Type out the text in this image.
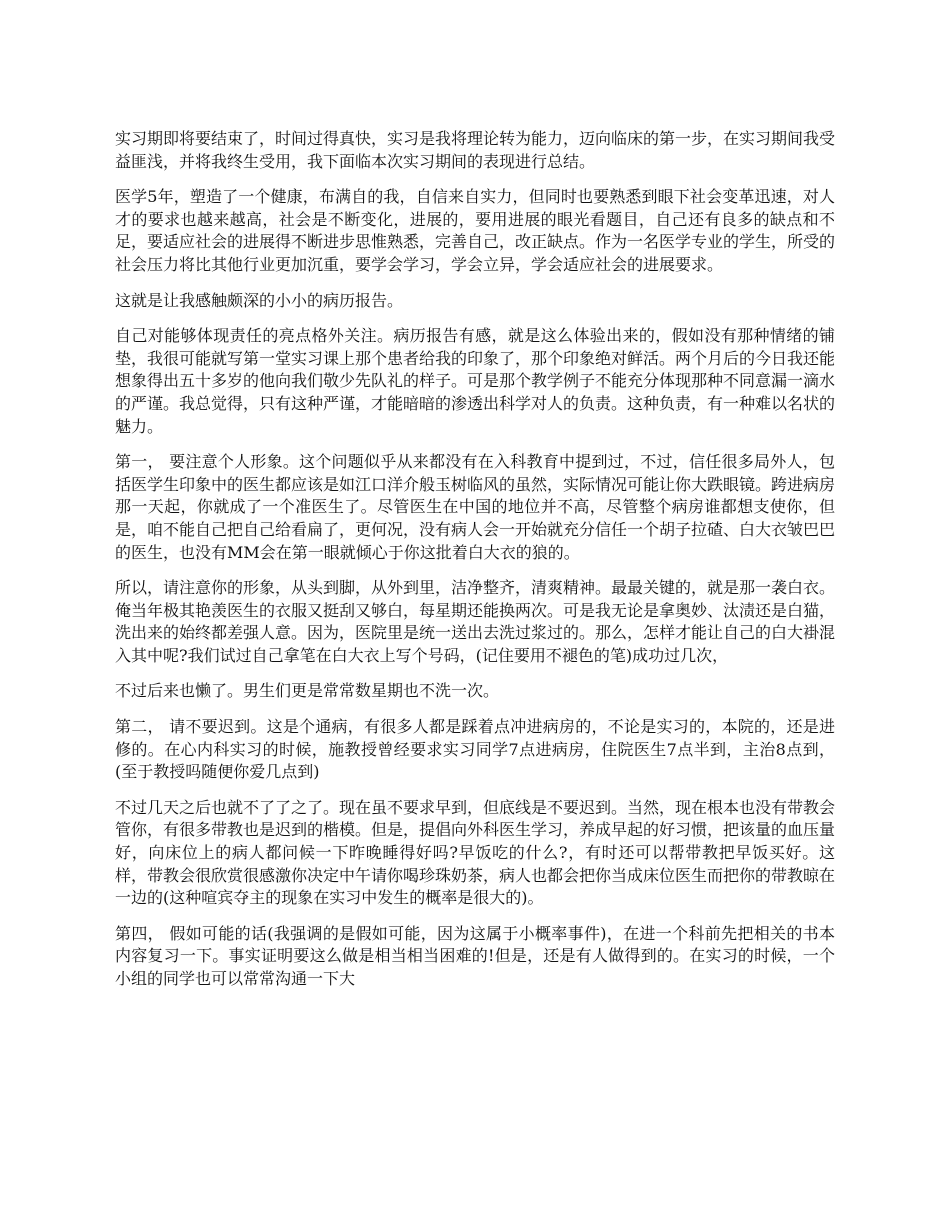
实习期即将要结束了，时间过得真快，实习是我将理论转为能力，迈向临床的第一步，在实习期间我受益匪浅，并将我终生受用，我下面临本次实习期间的表现进行总结。

医学5年，塑造了一个健康，布满自的我，自信来自实力，但同时也要熟悉到眼下社会变革迅速，对人才的要求也越来越高，社会是不断变化，进展的，要用进展的眼光看题目，自己还有良多的缺点和不足，要适应社会的进展得不断进步思惟熟悉，完善自己，改正缺点。作为一名医学专业的学生，所受的社会压力将比其他行业更加沉重，要学会学习，学会立异，学会适应社会的进展要求。

这就是让我感触颇深的小小的病历报告。

自己对能够体现责任的亮点格外关注。病历报告有感，就是这么体验出来的，假如没有那种情绪的铺垫，我很可能就写第一堂实习课上那个患者给我的印象了，那个印象绝对鲜活。两个月后的今日我还能想象得出五十多岁的他向我们敬少先队礼的样子。可是那个教学例子不能充分体现那种不同意漏一滴水的严谨。我总觉得，只有这种严谨，才能暗暗的渗透出科学对人的负责。这种负责，有一种难以名状的魅力。

第一， 要注意个人形象。这个问题似乎从来都没有在入科教育中提到过，不过，信任很多局外人，包括医学生印象中的医生都应该是如江口洋介般玉树临风的虽然，实际情况可能让你大跌眼镜。跨进病房那一天起，你就成了一个准医生了。尽管医生在中国的地位并不高，尽管整个病房谁都想支使你，但是，咱不能自己把自己给看扁了，更何况，没有病人会一开始就充分信任一个胡子拉碴、白大衣皱巴巴的医生，也没有MM会在第一眼就倾心于你这批着白大衣的狼的。

所以，请注意你的形象，从头到脚，从外到里，洁净整齐，清爽精神。最最关键的，就是那一袭白衣。俺当年极其艳羡医生的衣服又挺刮又够白，每星期还能换两次。可是我无论是拿奥妙、汰渍还是白猫，洗出来的始终都差强人意。因为，医院里是统一送出去洗过浆过的。那么，怎样才能让自己的白大褂混入其中呢?我们试过自己拿笔在白大衣上写个号码，(记住要用不褪色的笔)成功过几次，

不过后来也懒了。男生们更是常常数星期也不洗一次。

第二， 请不要迟到。这是个通病，有很多人都是踩着点冲进病房的，不论是实习的，本院的，还是进修的。在心内科实习的时候，施教授曾经要求实习同学7点进病房，住院医生7点半到，主治8点到，(至于教授吗随便你爱几点到)

不过几天之后也就不了了之了。现在虽不要求早到，但底线是不要迟到。当然，现在根本也没有带教会管你，有很多带教也是迟到的楷模。但是，提倡向外科医生学习，养成早起的好习惯，把该量的血压量好，向床位上的病人都问候一下昨晚睡得好吗?早饭吃的什么?，有时还可以帮带教把早饭买好。这样，带教会很欣赏很感激你决定中午请你喝珍珠奶茶，病人也都会把你当成床位医生而把你的带教晾在一边的(这种喧宾夺主的现象在实习中发生的概率是很大的)。

第四， 假如可能的话(我强调的是假如可能，因为这属于小概率事件)，在进一个科前先把相关的书本内容复习一下。事实证明要这么做是相当相当困难的!但是，还是有人做得到的。在实习的时候，一个小组的同学也可以常常沟通一下大
